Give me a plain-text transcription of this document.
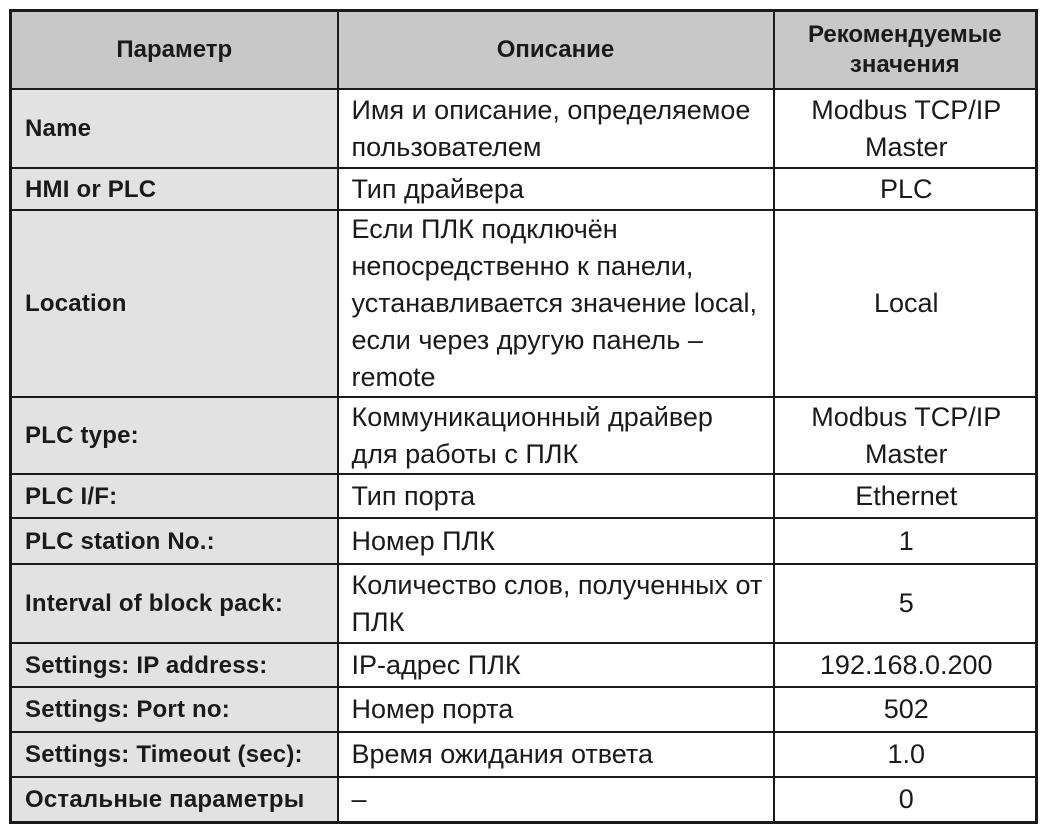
Параметр	Описание	Рекомендуемые значения
Name	Имя и описание, определяемое пользователем	Modbus TCP/IP Master
HMI or PLC	Тип драйвера	PLC
Location	Если ПЛК подключён непосредственно к панели, устанавливается значение local, если через другую панель – remote	Local
PLC type:	Коммуникационный драйвер для работы с ПЛК	Modbus TCP/IP Master
PLC I/F:	Тип порта	Ethernet
PLC station No.:	Номер ПЛК	1
Interval of block pack:	Количество слов, полученных от ПЛК	5
Settings: IP address:	IP-адрес ПЛК	192.168.0.200
Settings: Port no:	Номер порта	502
Settings: Timeout (sec):	Время ожидания ответа	1.0
Остальные параметры	–	0
